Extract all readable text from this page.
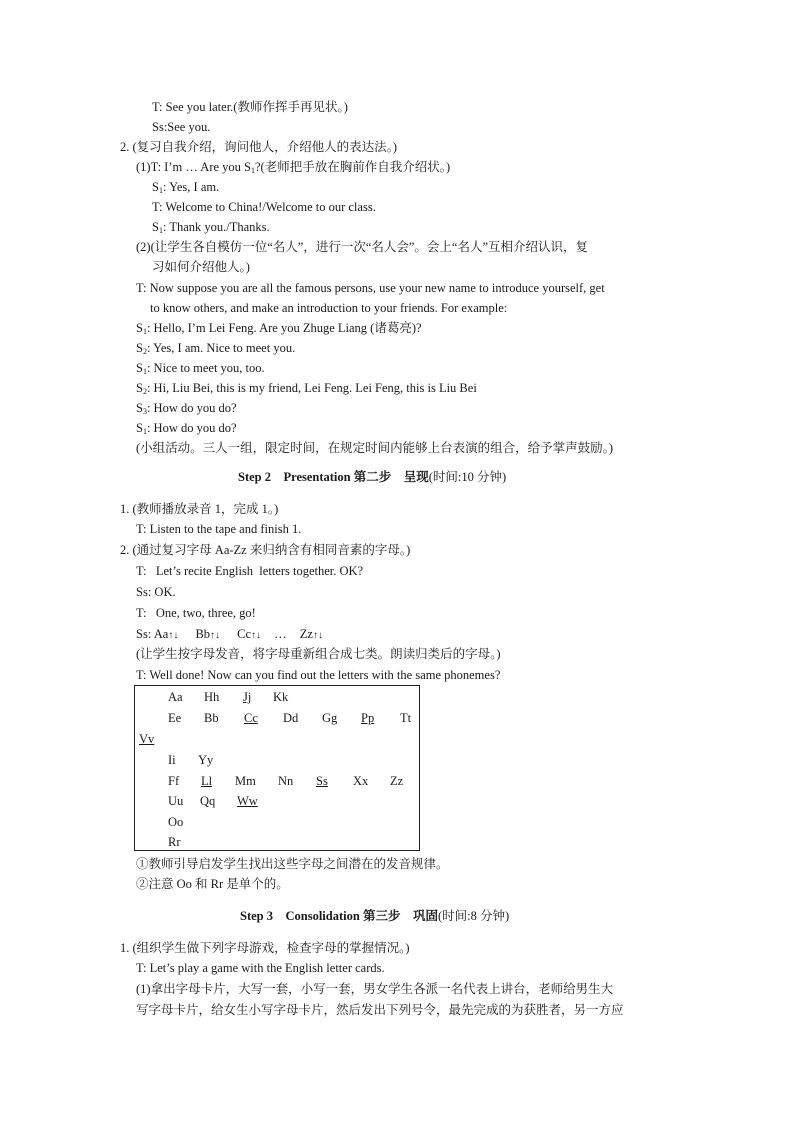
T: See you later.(教师作挥手再见状。)
Ss:See you.
2. (复习自我介绍，询问他人，介绍他人的表达法。)
(1)T: I’m … Are you $S_1$?(老师把手放在胸前作自我介绍状。)
$S_1$: Yes, I am.
T: Welcome to China!/Welcome to our class.
$S_1$: Thank you./Thanks.
(2)(让学生各自模仿一位“名人”，进行一次“名人会”。会上“名人”互相介绍认识，复
习如何介绍他人。)
T: Now suppose you are all the famous persons, use your new name to introduce yourself, get
to know others, and make an introduction to your friends. For example:
$S_1$: Hello, I’m Lei Feng. Are you Zhuge Liang (诸葛亮)?
$S_2$: Yes, I am. Nice to meet you.
$S_1$: Nice to meet you, too.
$S_2$: Hi, Liu Bei, this is my friend, Lei Feng. Lei Feng, this is Liu Bei
$S_3$: How do you do?
$S_1$: How do you do?
(小组活动。三人一组，限定时间，在规定时间内能够上台表演的组合，给予掌声鼓励。)
Step 2    Presentation 第二步    呈现(时间:10 分钟)
1. (教师播放录音 1，完成 1。)
T: Listen to the tape and finish 1.
2. (通过复习字母 Aa-Zz 来归纳含有相同音素的字母。)
T:   Let’s recite English  letters together. OK?
Ss: OK.
T:   One, two, three, go!
Ss: Aa↑↓ Bb↑↓ Cc↑↓ … Zz↑↓
(让学生按字母发音，将字母重新组合成七类。朗读归类后的字母。)
T: Well done! Now can you find out the letters with the same phonemes?
Aa Hh Jj Kk
Ee Bb Cc Dd Gg Pp Tt
Vv
Ii Yy
Ff Ll Mm Nn Ss Xx Zz
Uu Qq Ww
Oo
Rr
①教师引导启发学生找出这些字母之间潜在的发音规律。
②注意 Oo 和 Rr 是单个的。
Step 3    Consolidation 第三步    巩固(时间:8 分钟)
1. (组织学生做下列字母游戏，检查字母的掌握情况。)
T: Let’s play a game with the English letter cards.
(1)拿出字母卡片，大写一套，小写一套，男女学生各派一名代表上讲台，老师给男生大
写字母卡片，给女生小写字母卡片，然后发出下列号令，最先完成的为获胜者，另一方应
